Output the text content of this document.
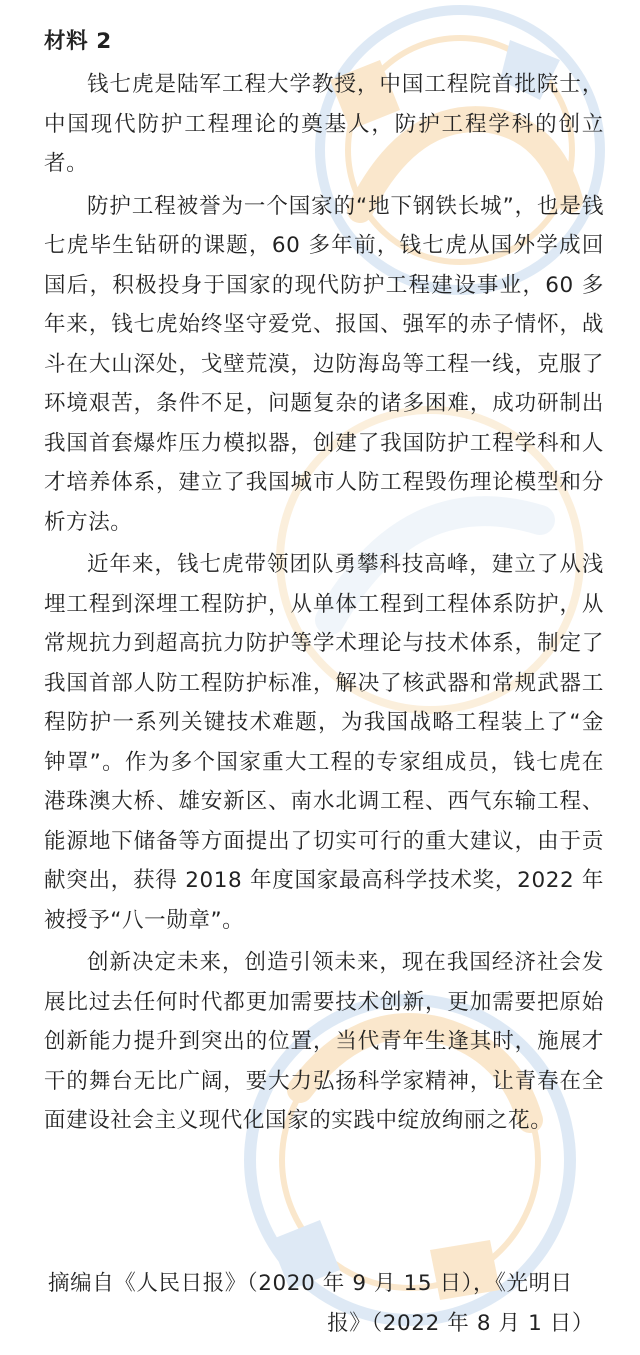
材料 2

钱七虎是陆军工程大学教授，中国工程院首批院士，中国现代防护工程理论的奠基人，防护工程学科的创立者。

防护工程被誉为一个国家的“地下钢铁长城”，也是钱七虎毕生钻研的课题，60 多年前，钱七虎从国外学成回国后，积极投身于国家的现代防护工程建设事业，60 多年来，钱七虎始终坚守爱党、报国、强军的赤子情怀，战斗在大山深处，戈壁荒漠，边防海岛等工程一线，克服了环境艰苦，条件不足，问题复杂的诸多困难，成功研制出我国首套爆炸压力模拟器，创建了我国防护工程学科和人才培养体系，建立了我国城市人防工程毁伤理论模型和分析方法。

近年来，钱七虎带领团队勇攀科技高峰，建立了从浅埋工程到深埋工程防护，从单体工程到工程体系防护，从常规抗力到超高抗力防护等学术理论与技术体系，制定了我国首部人防工程防护标准，解决了核武器和常规武器工程防护一系列关键技术难题，为我国战略工程装上了“金钟罩”。作为多个国家重大工程的专家组成员，钱七虎在港珠澳大桥、雄安新区、南水北调工程、西气东输工程、能源地下储备等方面提出了切实可行的重大建议，由于贡献突出，获得 2018 年度国家最高科学技术奖，2022 年被授予“八一勋章”。

创新决定未来，创造引领未来，现在我国经济社会发展比过去任何时代都更加需要技术创新，更加需要把原始创新能力提升到突出的位置，当代青年生逢其时，施展才干的舞台无比广阔，要大力弘扬科学家精神，让青春在全面建设社会主义现代化国家的实践中绽放绚丽之花。

摘编自《人民日报》（2020 年 9 月 15 日），《光明日

报》（2022 年 8 月 1 日）
